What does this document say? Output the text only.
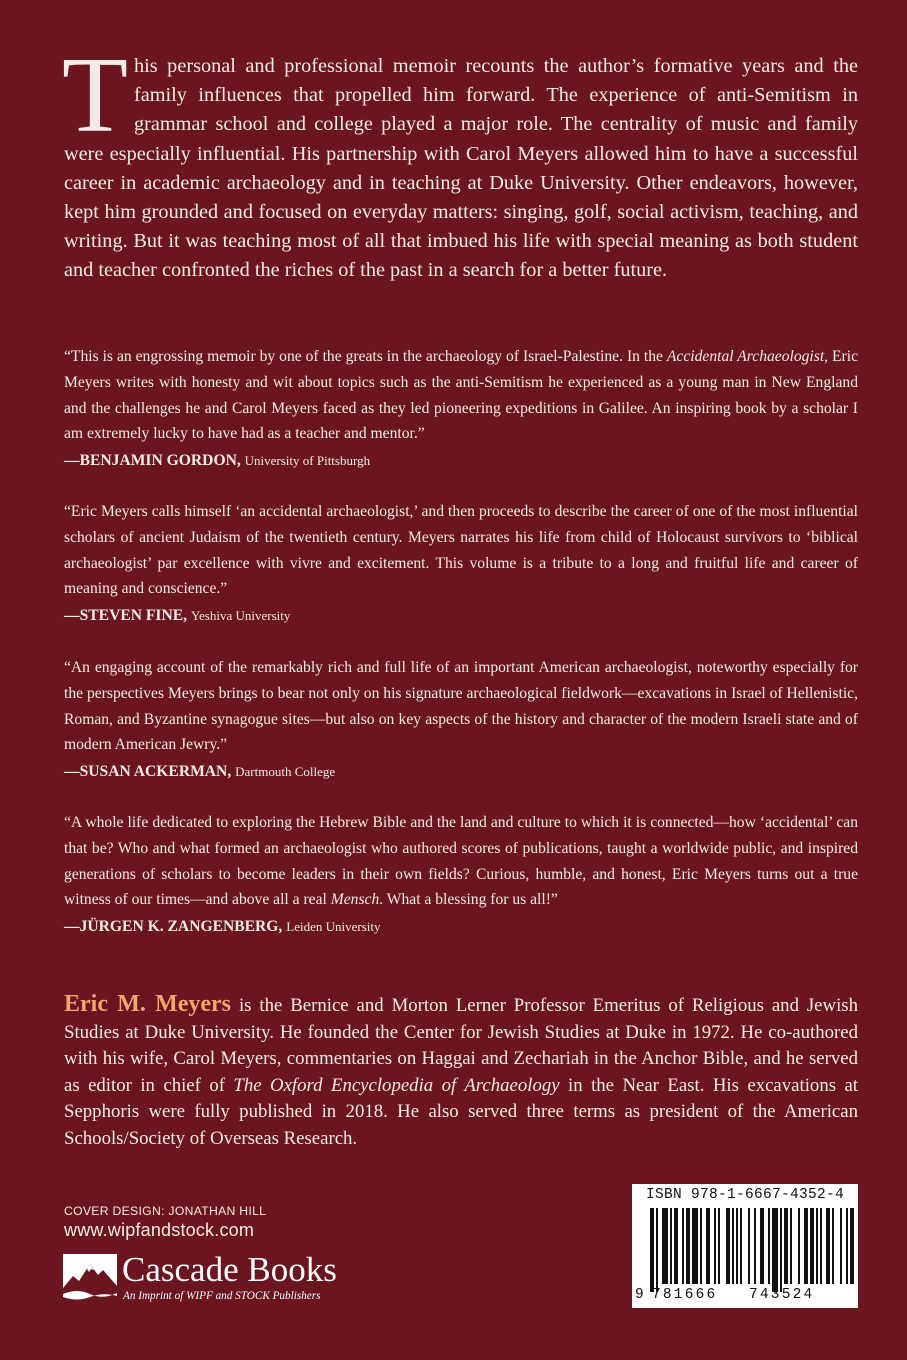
This personal and professional memoir recounts the author’s formative years and the family influences that propelled him forward. The experience of anti-Semitism in grammar school and college played a major role. The centrality of music and family were especially influential. His partnership with Carol Meyers allowed him to have a successful career in academic archaeology and in teaching at Duke University. Other endeavors, however, kept him grounded and focused on everyday matters: singing, golf, social activism, teaching, and writing. But it was teaching most of all that imbued his life with special meaning as both student and teacher confronted the riches of the past in a search for a better future.

“This is an engrossing memoir by one of the greats in the archaeology of Israel-Palestine. In the Accidental Archaeologist, Eric Meyers writes with honesty and wit about topics such as the anti-Semitism he experienced as a young man in New England and the challenges he and Carol Meyers faced as they led pioneering expeditions in Galilee. An inspiring book by a scholar I am extremely lucky to have had as a teacher and mentor.”

—BENJAMIN GORDON, University of Pittsburgh

“Eric Meyers calls himself ‘an accidental archaeologist,’ and then proceeds to describe the career of one of the most influential scholars of ancient Judaism of the twentieth century. Meyers narrates his life from child of Holocaust survivors to ‘biblical archaeologist’ par excellence with vivre and excitement. This volume is a tribute to a long and fruitful life and career of meaning and conscience.”

—STEVEN FINE, Yeshiva University

“An engaging account of the remarkably rich and full life of an important American archaeologist, noteworthy especially for the perspectives Meyers brings to bear not only on his signature archaeological fieldwork—excavations in Israel of Hellenistic, Roman, and Byzantine synagogue sites—but also on key aspects of the history and character of the modern Israeli state and of modern American Jewry.”

—SUSAN ACKERMAN, Dartmouth College

“A whole life dedicated to exploring the Hebrew Bible and the land and culture to which it is connected—how ‘accidental’ can that be? Who and what formed an archaeologist who authored scores of publications, taught a worldwide public, and inspired generations of scholars to become leaders in their own fields? Curious, humble, and honest, Eric Meyers turns out a true witness of our times—and above all a real Mensch. What a blessing for us all!”

—JÜRGEN K. ZANGENBERG, Leiden University
Eric M. Meyers is the Bernice and Morton Lerner Professor Emeritus of Religious and Jewish Studies at Duke University. He founded the Center for Jewish Studies at Duke in 1972. He co-authored with his wife, Carol Meyers, commentaries on Haggai and Zechariah in the Anchor Bible, and he served as editor in chief of The Oxford Encyclopedia of Archaeology in the Near East. His excavations at Sepphoris were fully published in 2018. He also served three terms as president of the American Schools/Society of Overseas Research.
COVER DESIGN: JONATHAN HILL
www.wipfandstock.com
Cascade Books
An Imprint of WIPF and STOCK Publishers
ISBN 978-1-6667-4352-4
9 781666 743524
